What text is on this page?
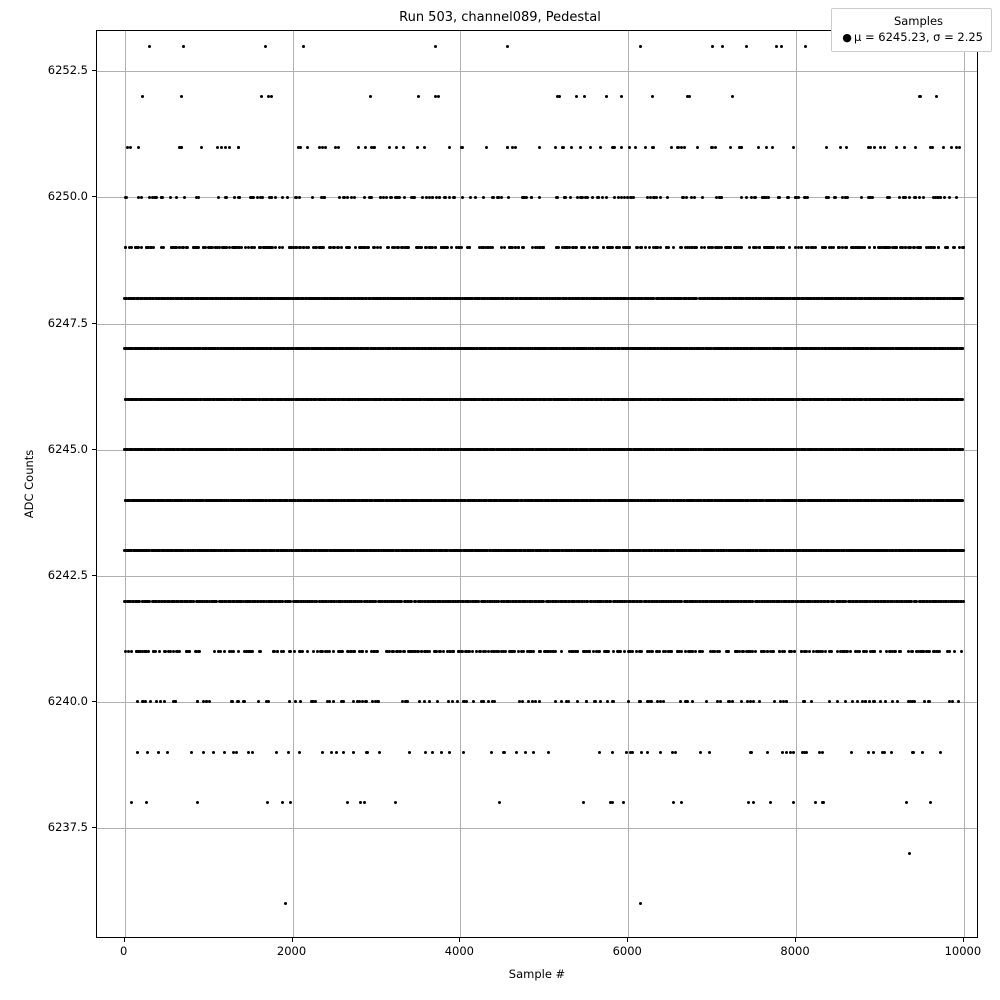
Run 503, channel089, Pedestal
6237.5
6240.0
6242.5
6245.0
6247.5
6250.0
6252.5
0	2000	4000	6000	8000	10000
Sample #
ADC Counts
Samples
● μ = 6245.23, σ = 2.25
